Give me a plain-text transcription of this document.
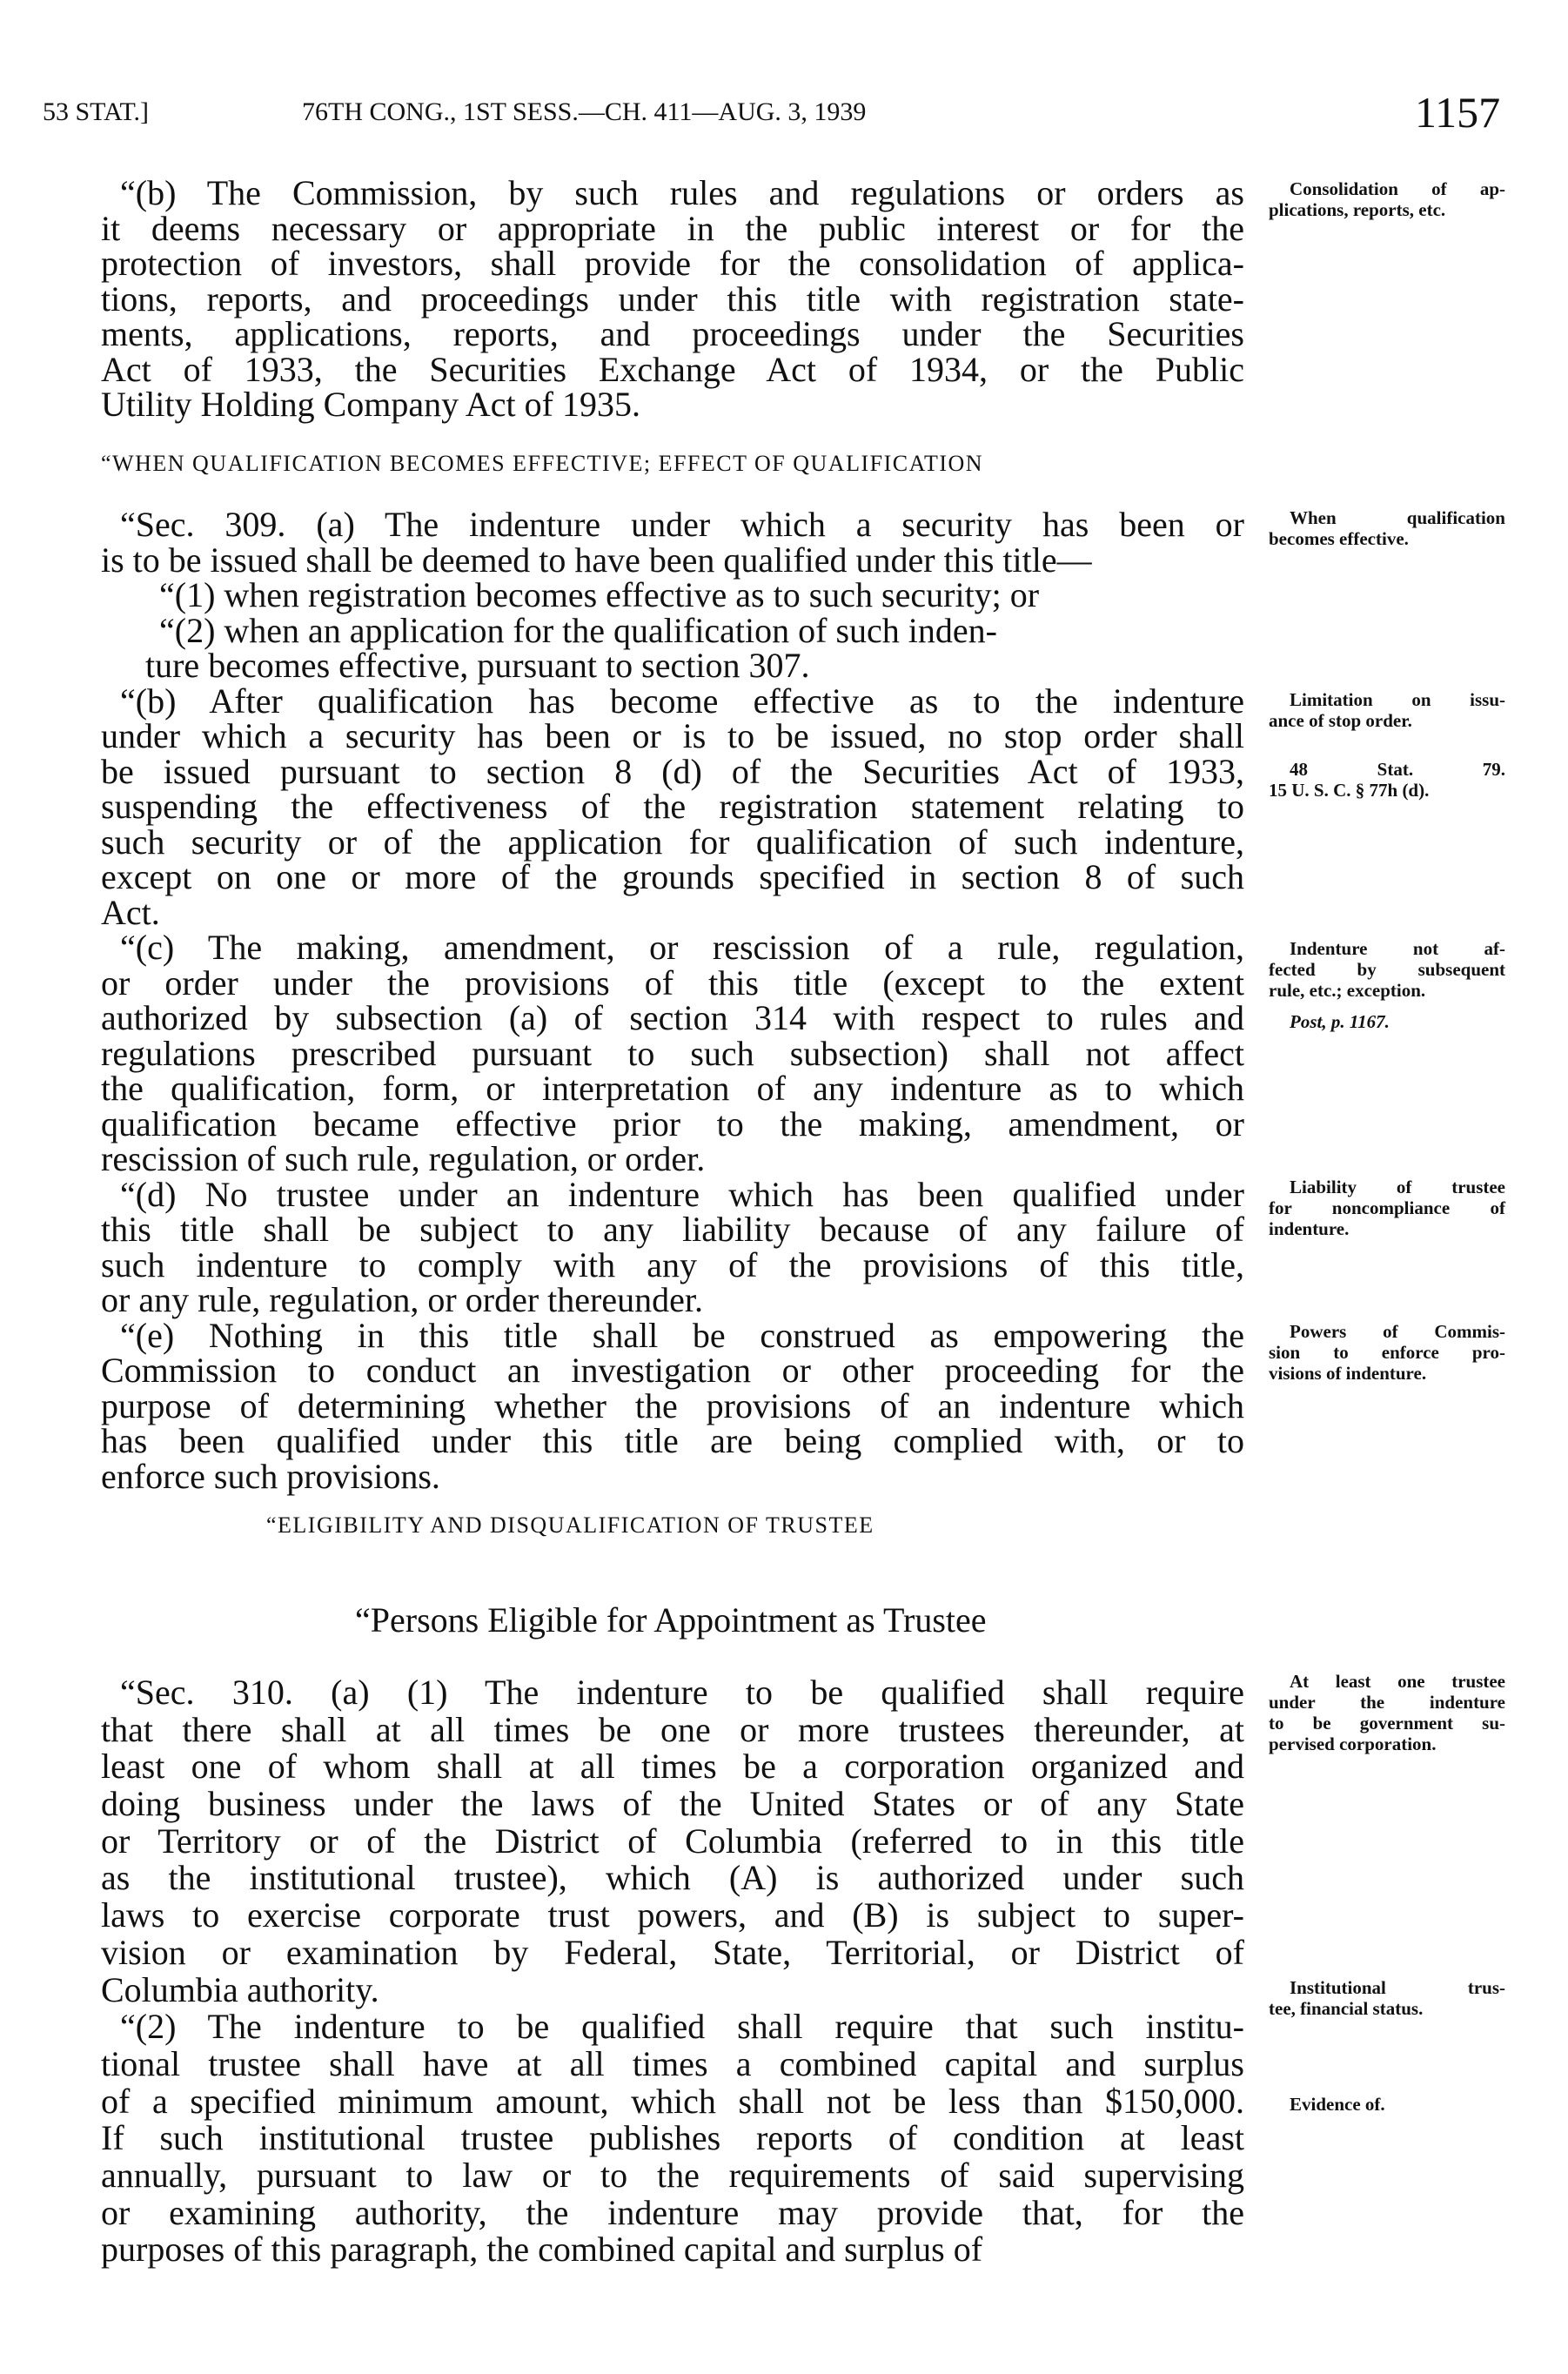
53 STAT.]	76TH CONG., 1ST SESS.—CH. 411—AUG. 3, 1939	1157
“(b) The Commission, by such rules and regulations or orders as
it deems necessary or appropriate in the public interest or for the
protection of investors, shall provide for the consolidation of applica-
tions, reports, and proceedings under this title with registration state-
ments, applications, reports, and proceedings under the Securities
Act of 1933, the Securities Exchange Act of 1934, or the Public
Utility Holding Company Act of 1935.
“WHEN QUALIFICATION BECOMES EFFECTIVE; EFFECT OF QUALIFICATION
“Sec. 309. (a) The indenture under which a security has been or
is to be issued shall be deemed to have been qualified under this title—
“(1) when registration becomes effective as to such security; or
“(2) when an application for the qualification of such inden-
ture becomes effective, pursuant to section 307.
“(b) After qualification has become effective as to the indenture
under which a security has been or is to be issued, no stop order shall
be issued pursuant to section 8 (d) of the Securities Act of 1933,
suspending the effectiveness of the registration statement relating to
such security or of the application for qualification of such indenture,
except on one or more of the grounds specified in section 8 of such
Act.
“(c) The making, amendment, or rescission of a rule, regulation,
or order under the provisions of this title (except to the extent
authorized by subsection (a) of section 314 with respect to rules and
regulations prescribed pursuant to such subsection) shall not affect
the qualification, form, or interpretation of any indenture as to which
qualification became effective prior to the making, amendment, or
rescission of such rule, regulation, or order.
“(d) No trustee under an indenture which has been qualified under
this title shall be subject to any liability because of any failure of
such indenture to comply with any of the provisions of this title,
or any rule, regulation, or order thereunder.
“(e) Nothing in this title shall be construed as empowering the
Commission to conduct an investigation or other proceeding for the
purpose of determining whether the provisions of an indenture which
has been qualified under this title are being complied with, or to
enforce such provisions.
“ELIGIBILITY AND DISQUALIFICATION OF TRUSTEE
“Persons Eligible for Appointment as Trustee
“Sec. 310. (a) (1) The indenture to be qualified shall require
that there shall at all times be one or more trustees thereunder, at
least one of whom shall at all times be a corporation organized and
doing business under the laws of the United States or of any State
or Territory or of the District of Columbia (referred to in this title
as the institutional trustee), which (A) is authorized under such
laws to exercise corporate trust powers, and (B) is subject to super-
vision or examination by Federal, State, Territorial, or District of
Columbia authority.
“(2) The indenture to be qualified shall require that such institu-
tional trustee shall have at all times a combined capital and surplus
of a specified minimum amount, which shall not be less than $150,000.
If such institutional trustee publishes reports of condition at least
annually, pursuant to law or to the requirements of said supervising
or examining authority, the indenture may provide that, for the
purposes of this paragraph, the combined capital and surplus of
Consolidation of ap-
plications, reports, etc.
When qualification
becomes effective.
Limitation on issu-
ance of stop order.
48 Stat. 79.
15 U. S. C. § 77h (d).
Indenture not af-
fected by subsequent
rule, etc.; exception.
Post, p. 1167.
Liability of trustee
for noncompliance of
indenture.
Powers of Commis-
sion to enforce pro-
visions of indenture.
At least one trustee
under the indenture
to be government su-
pervised corporation.
Institutional trus-
tee, financial status.
Evidence of.
